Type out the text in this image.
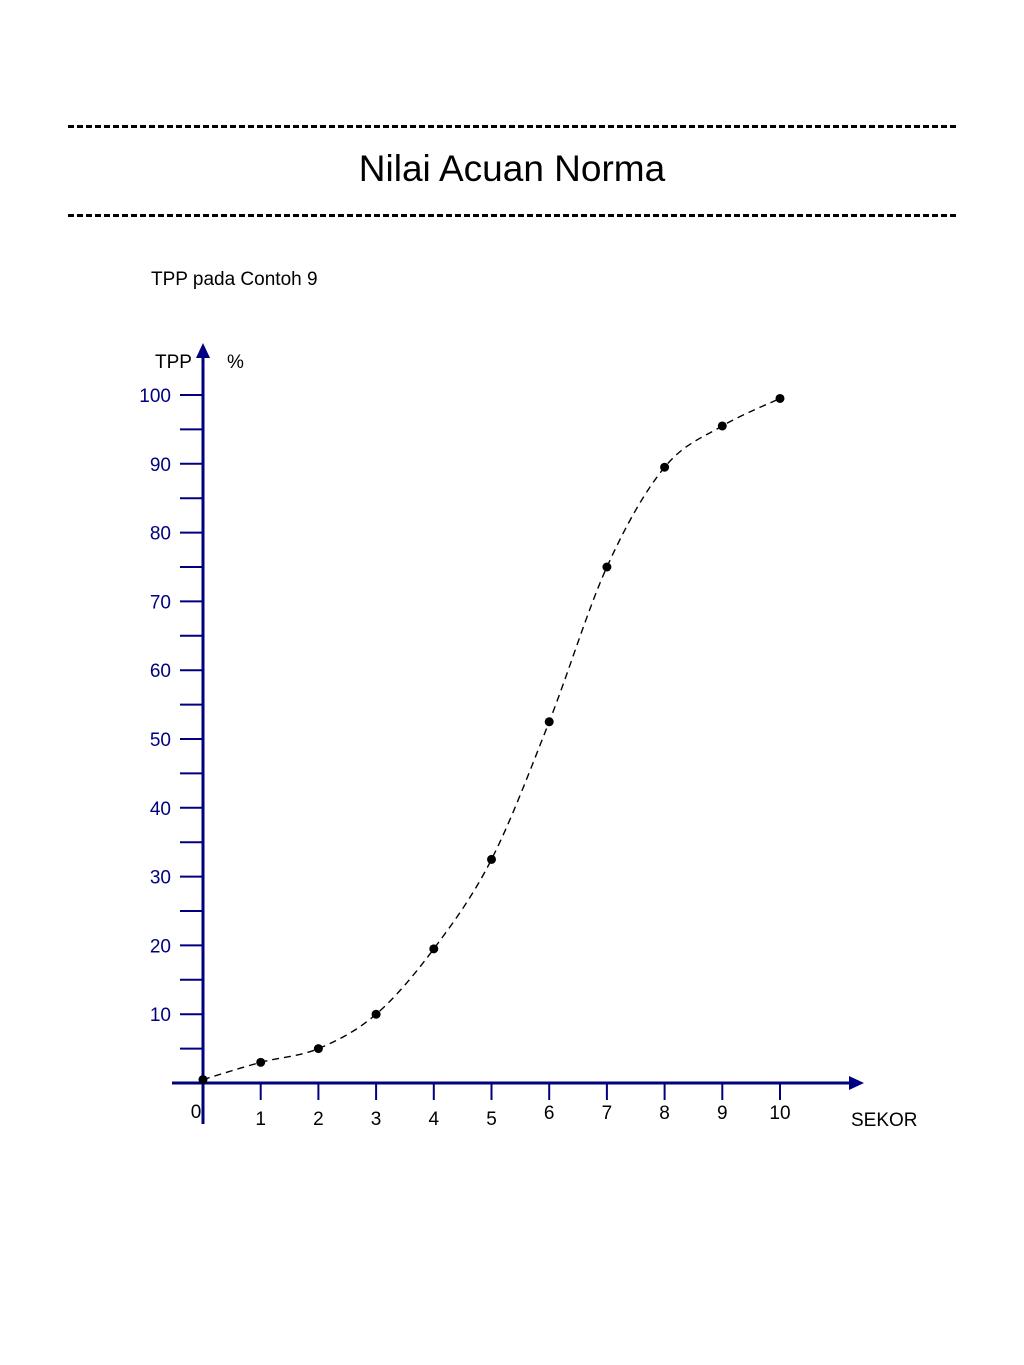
Nilai Acuan Norma
TPP pada Contoh 9
TPP %
SEKOR
10
20
30
40
50
60
70
80
90
100
0	1 2 3 4 5 6 7 8 9 10
